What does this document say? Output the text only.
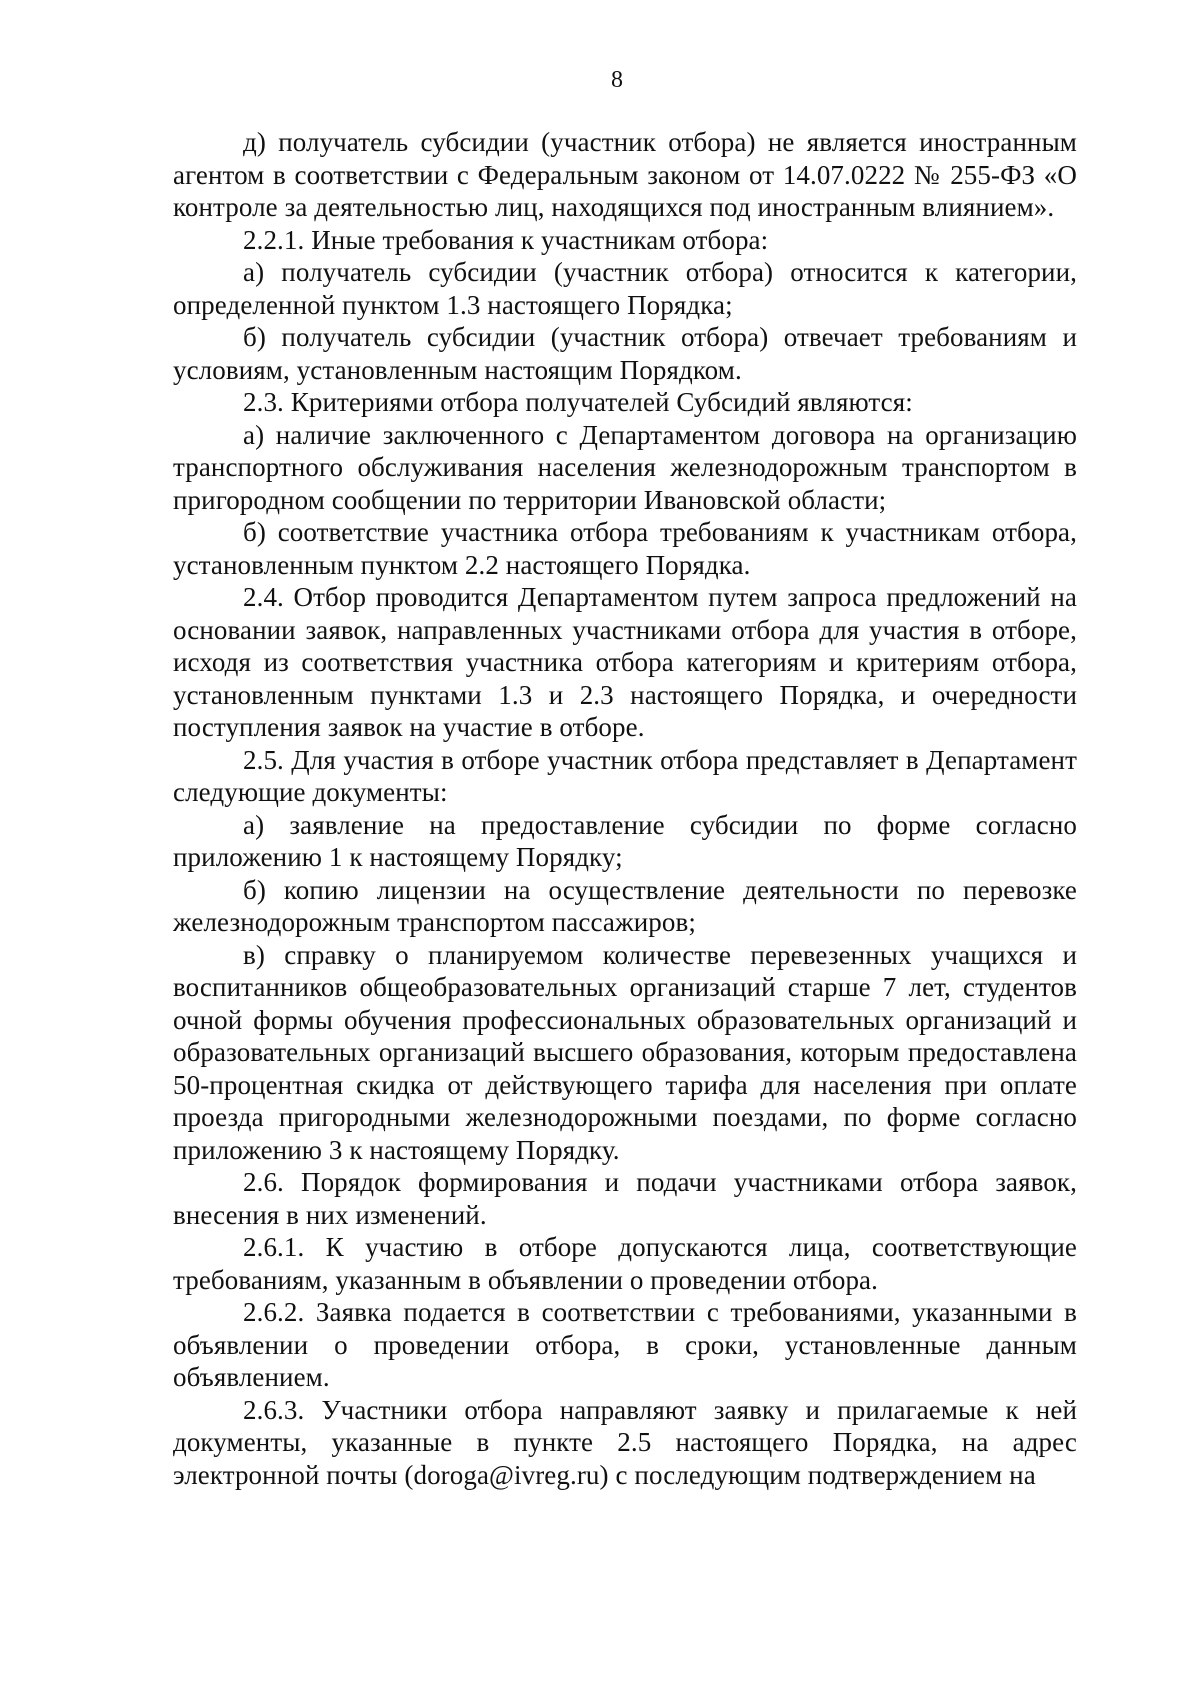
8

д) получатель субсидии (участник отбора) не является иностранным агентом в соответствии с Федеральным законом от 14.07.0222 № 255-ФЗ «О контроле за деятельностью лиц, находящихся под иностранным влиянием».

2.2.1. Иные требования к участникам отбора:

а) получатель субсидии (участник отбора) относится к категории, определенной пунктом 1.3 настоящего Порядка;

б) получатель субсидии (участник отбора) отвечает требованиям и условиям, установленным настоящим Порядком.

2.3. Критериями отбора получателей Субсидий являются:

а) наличие заключенного с Департаментом договора на организацию транспортного обслуживания населения железнодорожным транспортом в пригородном сообщении по территории Ивановской области;

б) соответствие участника отбора требованиям к участникам отбора, установленным пунктом 2.2 настоящего Порядка.

2.4. Отбор проводится Департаментом путем запроса предложений на основании заявок, направленных участниками отбора для участия в отборе, исходя из соответствия участника отбора категориям и критериям отбора, установленным пунктами 1.3 и 2.3 настоящего Порядка, и очередности поступления заявок на участие в отборе.

2.5. Для участия в отборе участник отбора представляет в Департамент следующие документы:

а) заявление на предоставление субсидии по форме согласно приложению 1 к настоящему Порядку;

б) копию лицензии на осуществление деятельности по перевозке железнодорожным транспортом пассажиров;

в) справку о планируемом количестве перевезенных учащихся и воспитанников общеобразовательных организаций старше 7 лет, студентов очной формы обучения профессиональных образовательных организаций и образовательных организаций высшего образования, которым предоставлена 50-процентная скидка от действующего тарифа для населения при оплате проезда пригородными железнодорожными поездами, по форме согласно приложению 3 к настоящему Порядку.

2.6. Порядок формирования и подачи участниками отбора заявок, внесения в них изменений.

2.6.1. К участию в отборе допускаются лица, соответствующие требованиям, указанным в объявлении о проведении отбора.

2.6.2. Заявка подается в соответствии с требованиями, указанными в объявлении о проведении отбора, в сроки, установленные данным объявлением.

2.6.3. Участники отбора направляют заявку и прилагаемые к ней документы, указанные в пункте 2.5 настоящего Порядка, на адрес электронной почты (doroga@ivreg.ru) с последующим подтверждением на
